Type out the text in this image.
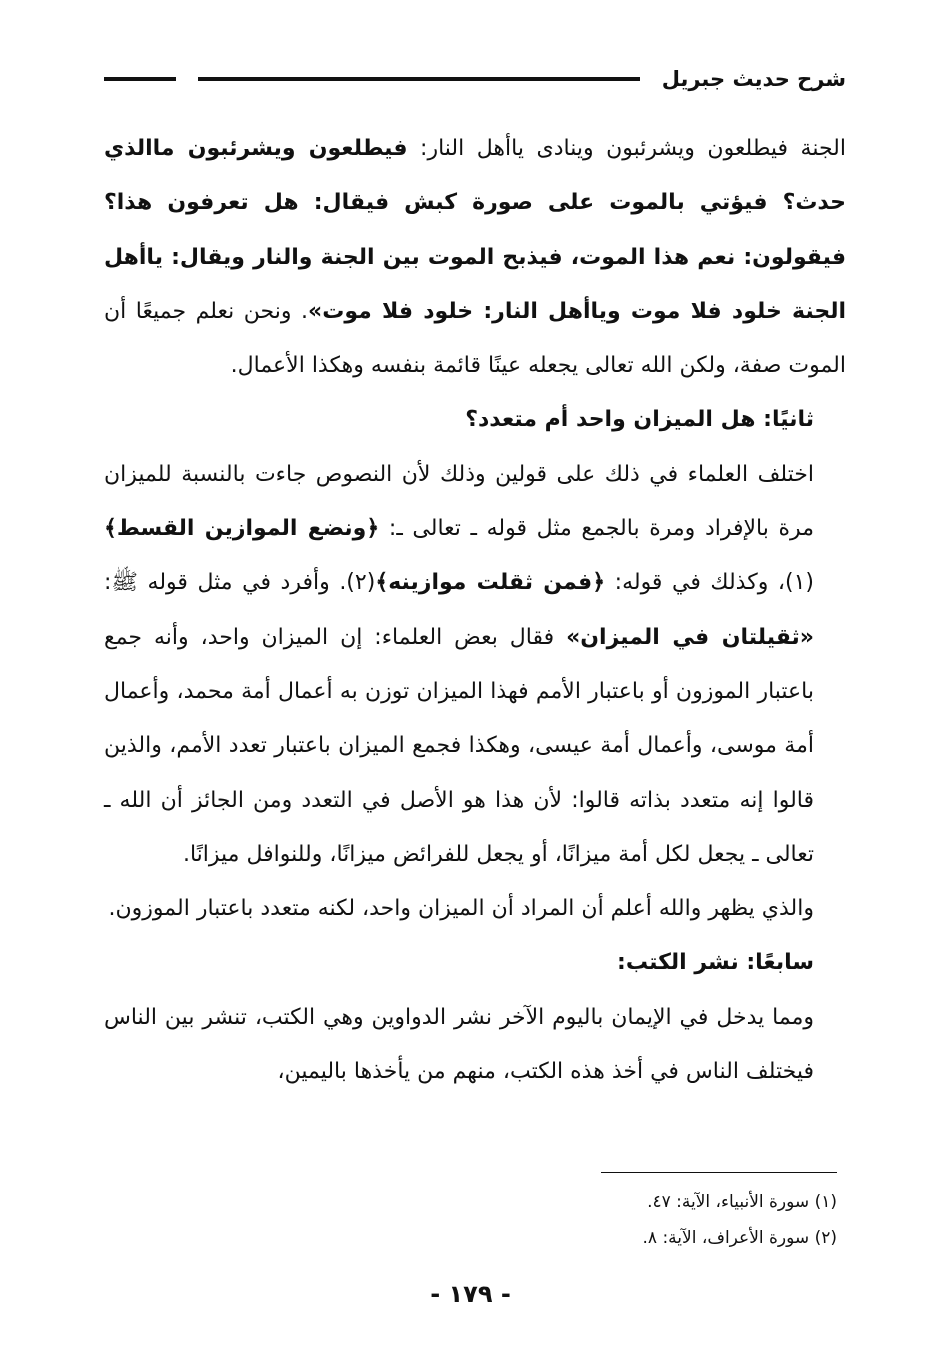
شرح حديث جبريل

الجنة فيطلعون ويشرئبون وينادى ياأهل النار: فيطلعون ويشرئبون ماالذي حدث؟ فيؤتي بالموت على صورة كبش فيقال: هل تعرفون هذا؟ فيقولون: نعم هذا الموت، فيذبح الموت بين الجنة والنار ويقال: ياأهل الجنة خلود فلا موت وياأهل النار: خلود فلا موت». ونحن نعلم جميعًا أن الموت صفة، ولكن الله تعالى يجعله عينًا قائمة بنفسه وهكذا الأعمال.

ثانيًا: هل الميزان واحد أم متعدد؟

اختلف العلماء في ذلك على قولين وذلك لأن النصوص جاءت بالنسبة للميزان مرة بالإفراد ومرة بالجمع مثل قوله ـ تعالى ـ: ﴿ونضع الموازين القسط﴾(١)، وكذلك في قوله: ﴿فمن ثقلت موازينه﴾(٢). وأفرد في مثل قوله ﷺ: «ثقيلتان في الميزان» فقال بعض العلماء: إن الميزان واحد، وأنه جمع باعتبار الموزون أو باعتبار الأمم فهذا الميزان توزن به أعمال أمة محمد، وأعمال أمة موسى، وأعمال أمة عيسى، وهكذا فجمع الميزان باعتبار تعدد الأمم، والذين قالوا إنه متعدد بذاته قالوا: لأن هذا هو الأصل في التعدد ومن الجائز أن الله ـ تعالى ـ يجعل لكل أمة ميزانًا، أو يجعل للفرائض ميزانًا، وللنوافل ميزانًا.

والذي يظهر والله أعلم أن المراد أن الميزان واحد، لكنه متعدد باعتبار الموزون.

سابعًا: نشر الكتب:

ومما يدخل في الإيمان باليوم الآخر نشر الدواوين وهي الكتب، تنشر بين الناس فيختلف الناس في أخذ هذه الكتب، منهم من يأخذها باليمين،

(١) سورة الأنبياء، الآية: ٤٧.

(٢) سورة الأعراف، الآية: ٨.

- ١٧٩ -
